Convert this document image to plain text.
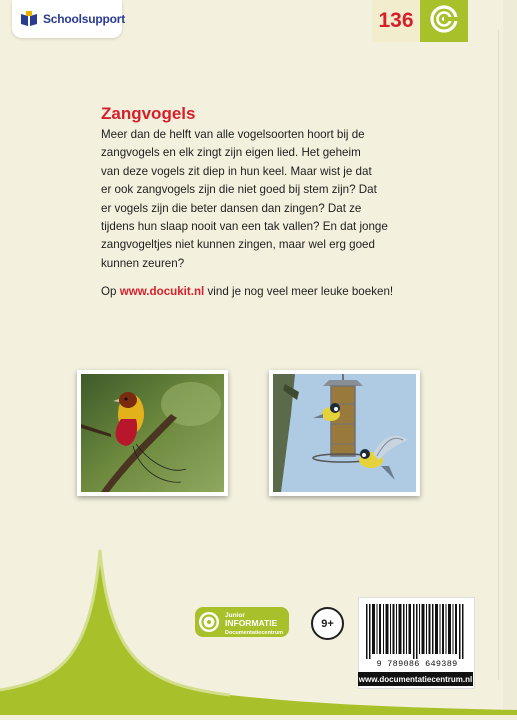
Schoolsupport	136
Zangvogels

Meer dan de helft van alle vogelsoorten hoort bij de
zangvogels en elk zingt zijn eigen lied. Het geheim
van deze vogels zit diep in hun keel. Maar wist je dat
er ook zangvogels zijn die niet goed bij stem zijn? Dat
er vogels zijn die beter dansen dan zingen? Dat ze
tijdens hun slaap nooit van een tak vallen? En dat jonge
zangvogeltjes niet kunnen zingen, maar wel erg goed
kunnen zeuren?

Op www.docukit.nl vind je nog veel meer leuke boeken!

Junior
INFORMATIE
Documentatiecentrum
9+
9 789086 649389
www.documentatiecentrum.nl
